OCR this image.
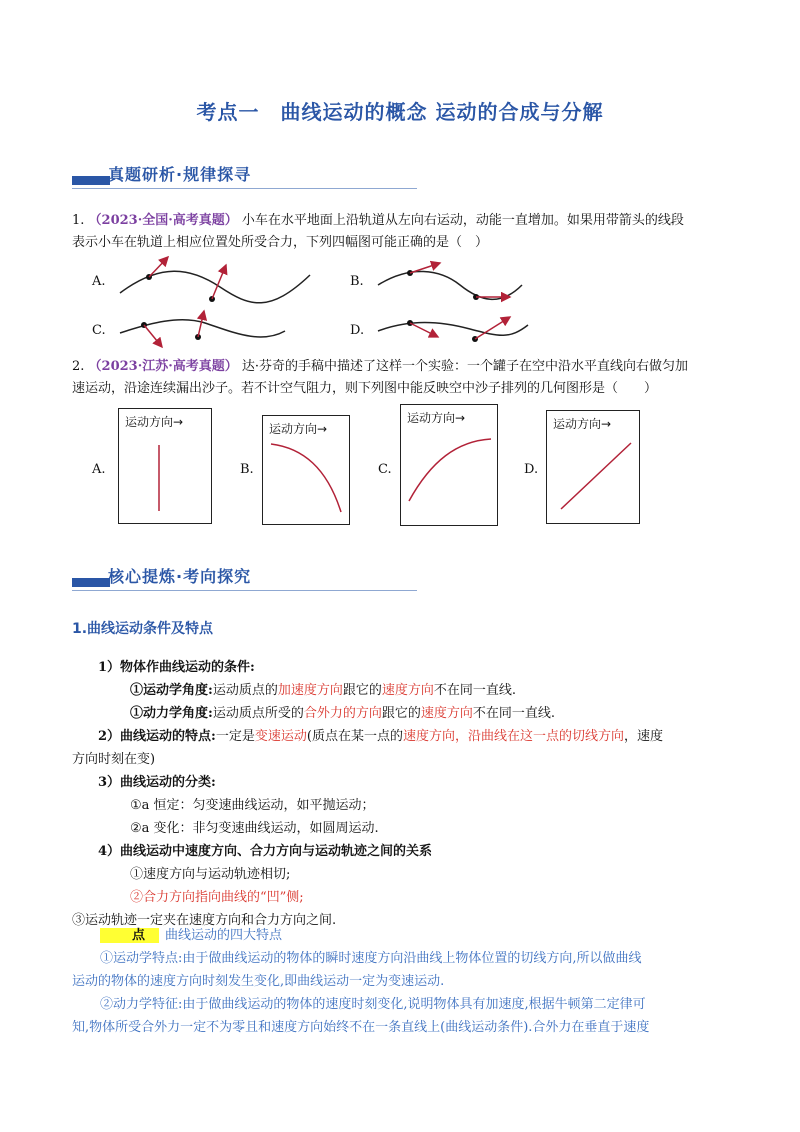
考点一　曲线运动的概念 运动的合成与分解
真题研析·规律探寻
1. （2023·全国·高考真题） 小车在水平地面上沿轨道从左向右运动，动能一直增加。如果用带箭头的线段
表示小车在轨道上相应位置处所受合力，下列四幅图可能正确的是（　）
A.	B.
C.	D.
2. （2023·江苏·高考真题） 达·芬奇的手稿中描述了这样一个实验：一个罐子在空中沿水平直线向右做匀加
速运动，沿途连续漏出沙子。若不计空气阻力，则下列图中能反映空中沙子排列的几何图形是（　　）
A.
运动方向→
B.
运动方向→
C.
运动方向→
D.
运动方向→
核心提炼·考向探究
1.曲线运动条件及特点
1）物体作曲线运动的条件:
①运动学角度:运动质点的加速度方向跟它的速度方向不在同一直线.
①动力学角度:运动质点所受的合外力的方向跟它的速度方向不在同一直线.
2）曲线运动的特点:一定是变速运动(质点在某一点的速度方向，沿曲线在这一点的切线方向，速度
方向时刻在变)
3）曲线运动的分类:
①a 恒定：匀变速曲线运动，如平抛运动；
②a 变化：非匀变速曲线运动，如圆周运动.
4）曲线运动中速度方向、合力方向与运动轨迹之间的关系
①速度方向与运动轨迹相切;
②合力方向指向曲线的“凹”侧;
③运动轨迹一定夹在速度方向和合力方向之间.
点 曲线运动的四大特点
①运动学特点:由于做曲线运动的物体的瞬时速度方向沿曲线上物体位置的切线方向,所以做曲线
运动的物体的速度方向时刻发生变化,即曲线运动一定为变速运动.
②动力学特征:由于做曲线运动的物体的速度时刻变化,说明物体具有加速度,根据牛顿第二定律可
知,物体所受合外力一定不为零且和速度方向始终不在一条直线上(曲线运动条件).合外力在垂直于速度
